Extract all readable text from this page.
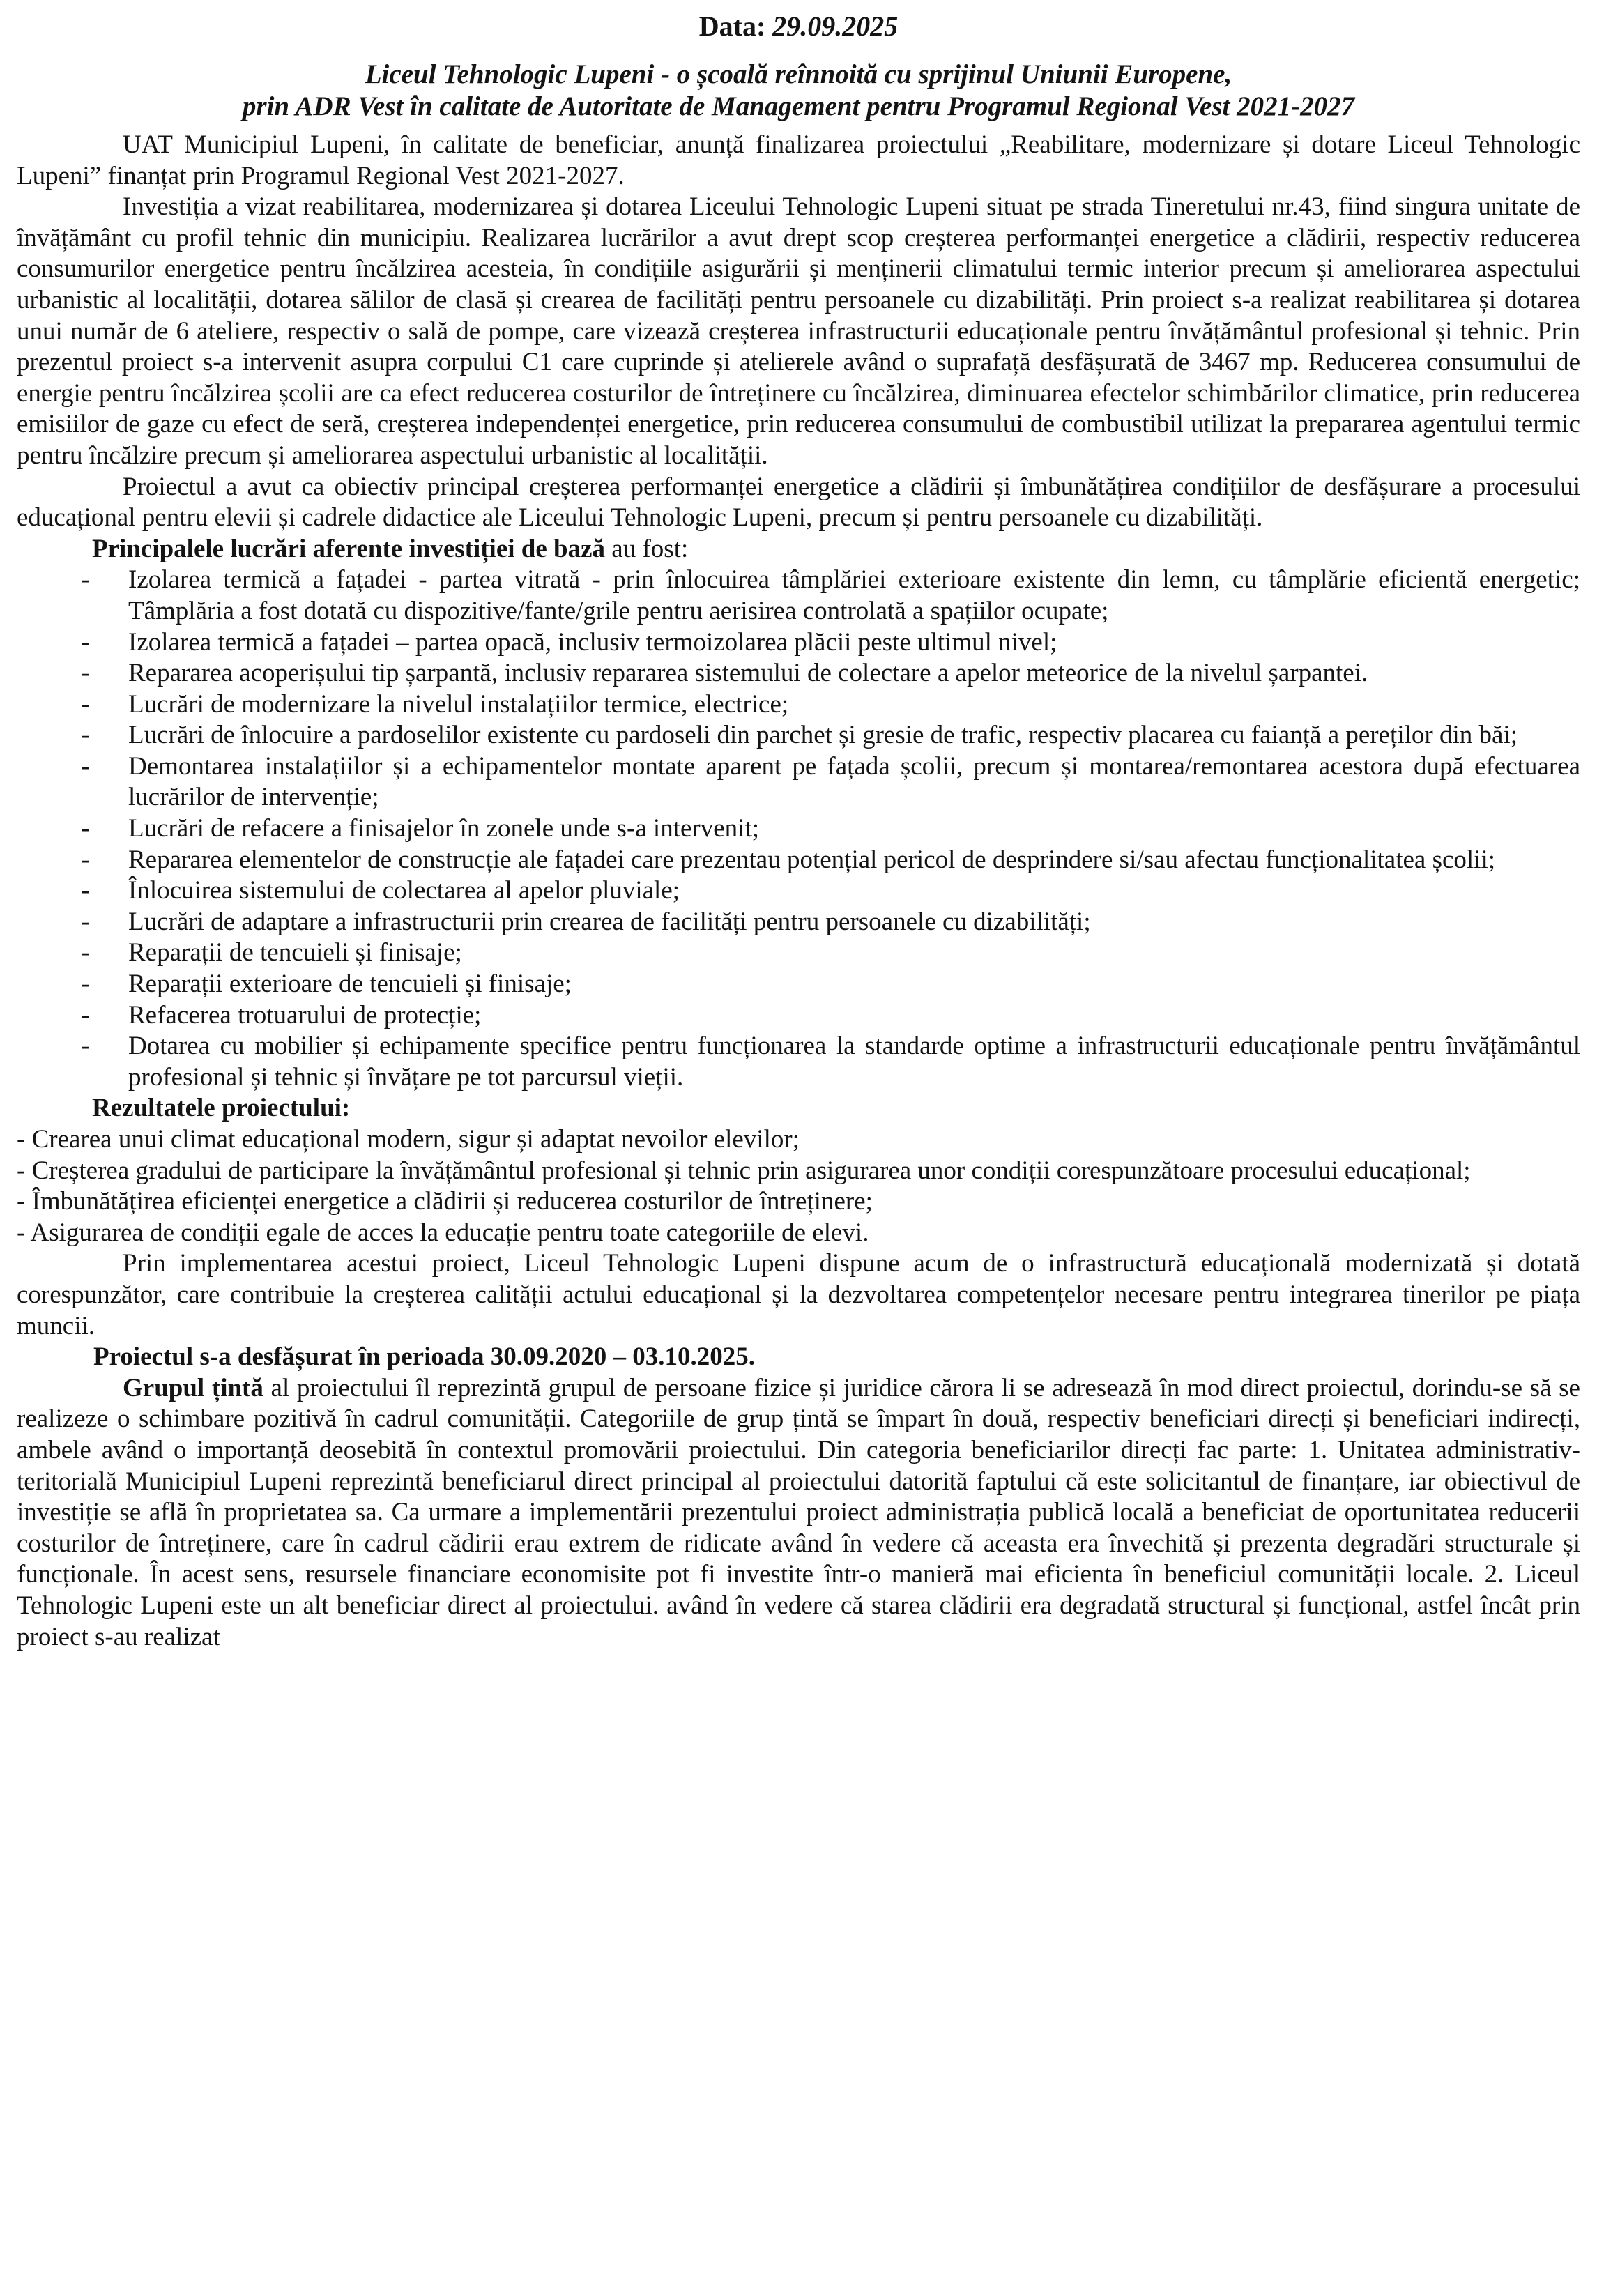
Data: 29.09.2025
Liceul Tehnologic Lupeni - o școală reînnoită cu sprijinul Uniunii Europene,
prin ADR Vest în calitate de Autoritate de Management pentru Programul Regional Vest 2021-2027

UAT Municipiul Lupeni, în calitate de beneficiar, anunță finalizarea proiectului „Reabilitare, modernizare și dotare Liceul Tehnologic Lupeni” finanțat prin Programul Regional Vest 2021-2027.

Investiția a vizat reabilitarea, modernizarea și dotarea Liceului Tehnologic Lupeni situat pe strada Tineretului nr.43, fiind singura unitate de învățământ cu profil tehnic din municipiu. Realizarea lucrărilor a avut drept scop creșterea performanței energetice a clădirii, respectiv reducerea consumurilor energetice pentru încălzirea acesteia, în condițiile asigurării și menținerii climatului termic interior precum și ameliorarea aspectului urbanistic al localității, dotarea sălilor de clasă și crearea de facilități pentru persoanele cu dizabilități. Prin proiect s-a realizat reabilitarea și dotarea unui număr de 6 ateliere, respectiv o sală de pompe, care vizează creșterea infrastructurii educaționale pentru învățământul profesional și tehnic. Prin prezentul proiect s-a intervenit asupra corpului C1 care cuprinde și atelierele având o suprafață desfășurată de 3467 mp. Reducerea consumului de energie pentru încălzirea școlii are ca efect reducerea costurilor de întreținere cu încălzirea, diminuarea efectelor schimbărilor climatice, prin reducerea emisiilor de gaze cu efect de seră, creșterea independenței energetice, prin reducerea consumului de combustibil utilizat la prepararea agentului termic pentru încălzire precum și ameliorarea aspectului urbanistic al localității.

Proiectul a avut ca obiectiv principal creșterea performanței energetice a clădirii și îmbunătățirea condițiilor de desfășurare a procesului educațional pentru elevii și cadrele didactice ale Liceului Tehnologic Lupeni, precum și pentru persoanele cu dizabilități.

Principalele lucrări aferente investiției de bază au fost:

- Izolarea termică a fațadei - partea vitrată - prin înlocuirea tâmplăriei exterioare existente din lemn, cu tâmplărie eficientă energetic; Tâmplăria a fost dotată cu dispozitive/fante/grile pentru aerisirea controlată a spațiilor ocupate;
- Izolarea termică a fațadei – partea opacă, inclusiv termoizolarea plăcii peste ultimul nivel;
- Repararea acoperișului tip șarpantă, inclusiv repararea sistemului de colectare a apelor meteorice de la nivelul șarpantei.
- Lucrări de modernizare la nivelul instalațiilor termice, electrice;
- Lucrări de înlocuire a pardoselilor existente cu pardoseli din parchet și gresie de trafic, respectiv placarea cu faianță a pereților din băi;
- Demontarea instalațiilor și a echipamentelor montate aparent pe fațada școlii, precum și montarea/remontarea acestora după efectuarea lucrărilor de intervenție;
- Lucrări de refacere a finisajelor în zonele unde s-a intervenit;
- Repararea elementelor de construcție ale fațadei care prezentau potențial pericol de desprindere si/sau afectau funcționalitatea școlii;
- Înlocuirea sistemului de colectarea al apelor pluviale;
- Lucrări de adaptare a infrastructurii prin crearea de facilități pentru persoanele cu dizabilități;
- Reparații de tencuieli și finisaje;
- Reparații exterioare de tencuieli și finisaje;
- Refacerea trotuarului de protecție;
- Dotarea cu mobilier și echipamente specifice pentru funcționarea la standarde optime a infrastructurii educaționale pentru învățământul profesional și tehnic și învățare pe tot parcursul vieții.

Rezultatele proiectului:

- Crearea unui climat educațional modern, sigur și adaptat nevoilor elevilor;

- Creșterea gradului de participare la învățământul profesional și tehnic prin asigurarea unor condiții corespunzătoare procesului educațional;

- Îmbunătățirea eficienței energetice a clădirii și reducerea costurilor de întreținere;

- Asigurarea de condiții egale de acces la educație pentru toate categoriile de elevi.

Prin implementarea acestui proiect, Liceul Tehnologic Lupeni dispune acum de o infrastructură educațională modernizată și dotată corespunzător, care contribuie la creșterea calității actului educațional și la dezvoltarea competențelor necesare pentru integrarea tinerilor pe piața muncii.

Proiectul s-a desfășurat în perioada 30.09.2020 – 03.10.2025.

Grupul țintă al proiectului îl reprezintă grupul de persoane fizice și juridice cărora li se adresează în mod direct proiectul, dorindu-se să se realizeze o schimbare pozitivă în cadrul comunității. Categoriile de grup țintă se împart în două, respectiv beneficiari direcți și beneficiari indirecți, ambele având o importanță deosebită în contextul promovării proiectului. Din categoria beneficiarilor direcți fac parte: 1. Unitatea administrativ-teritorială Municipiul Lupeni reprezintă beneficiarul direct principal al proiectului datorită faptului că este solicitantul de finanțare, iar obiectivul de investiție se află în proprietatea sa. Ca urmare a implementării prezentului proiect administrația publică locală a beneficiat de oportunitatea reducerii costurilor de întreținere, care în cadrul cădirii erau extrem de ridicate având în vedere că aceasta era învechită și prezenta degradări structurale și funcționale. În acest sens, resursele financiare economisite pot fi investite într-o manieră mai eficienta în beneficiul comunității locale. 2. Liceul Tehnologic Lupeni este un alt beneficiar direct al proiectului. având în vedere că starea clădirii era degradată structural și funcțional, astfel încât prin proiect s-au realizat
